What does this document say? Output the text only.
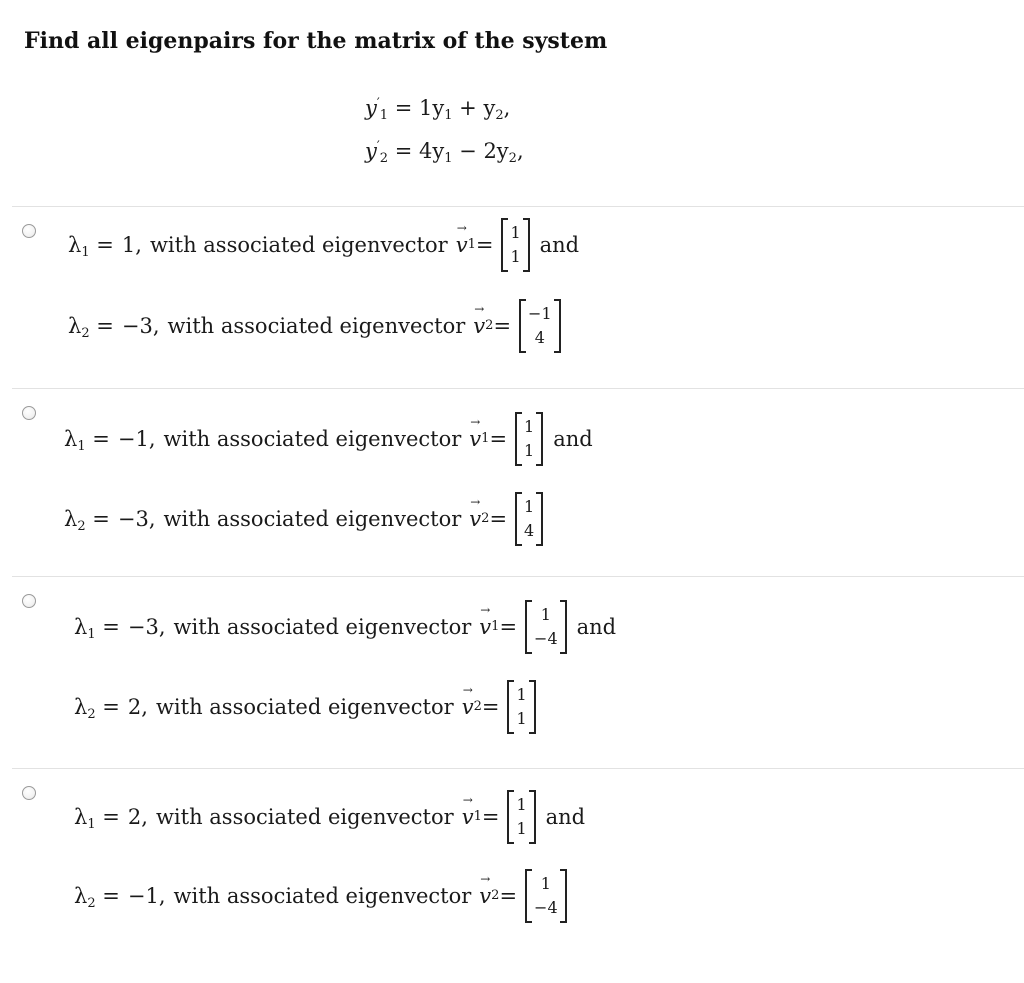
Find all eigenpairs for the matrix of the system
$y'_1 = 1y_1 + y_2$,
$y'_2 = 4y_1 - 2y_2$,
$\lambda_1 = 1$ , with associated eigenvector v
→
1 =
1
1 and
$\lambda_2 = -3$ , with associated eigenvector v
→
2 =
−1
4
$\lambda_1 = -1$ , with associated eigenvector v
→
1 =
1
1 and
$\lambda_2 = -3$ , with associated eigenvector v
→
2 =
1
4
$\lambda_1 = -3$ , with associated eigenvector v
→
1 =
1
−4 and
$\lambda_2 = 2$ , with associated eigenvector v
→
2 =
1
1
$\lambda_1 = 2$ , with associated eigenvector v
→
1 =
1
1 and
$\lambda_2 = -1$ , with associated eigenvector v
→
2 =
1
−4
